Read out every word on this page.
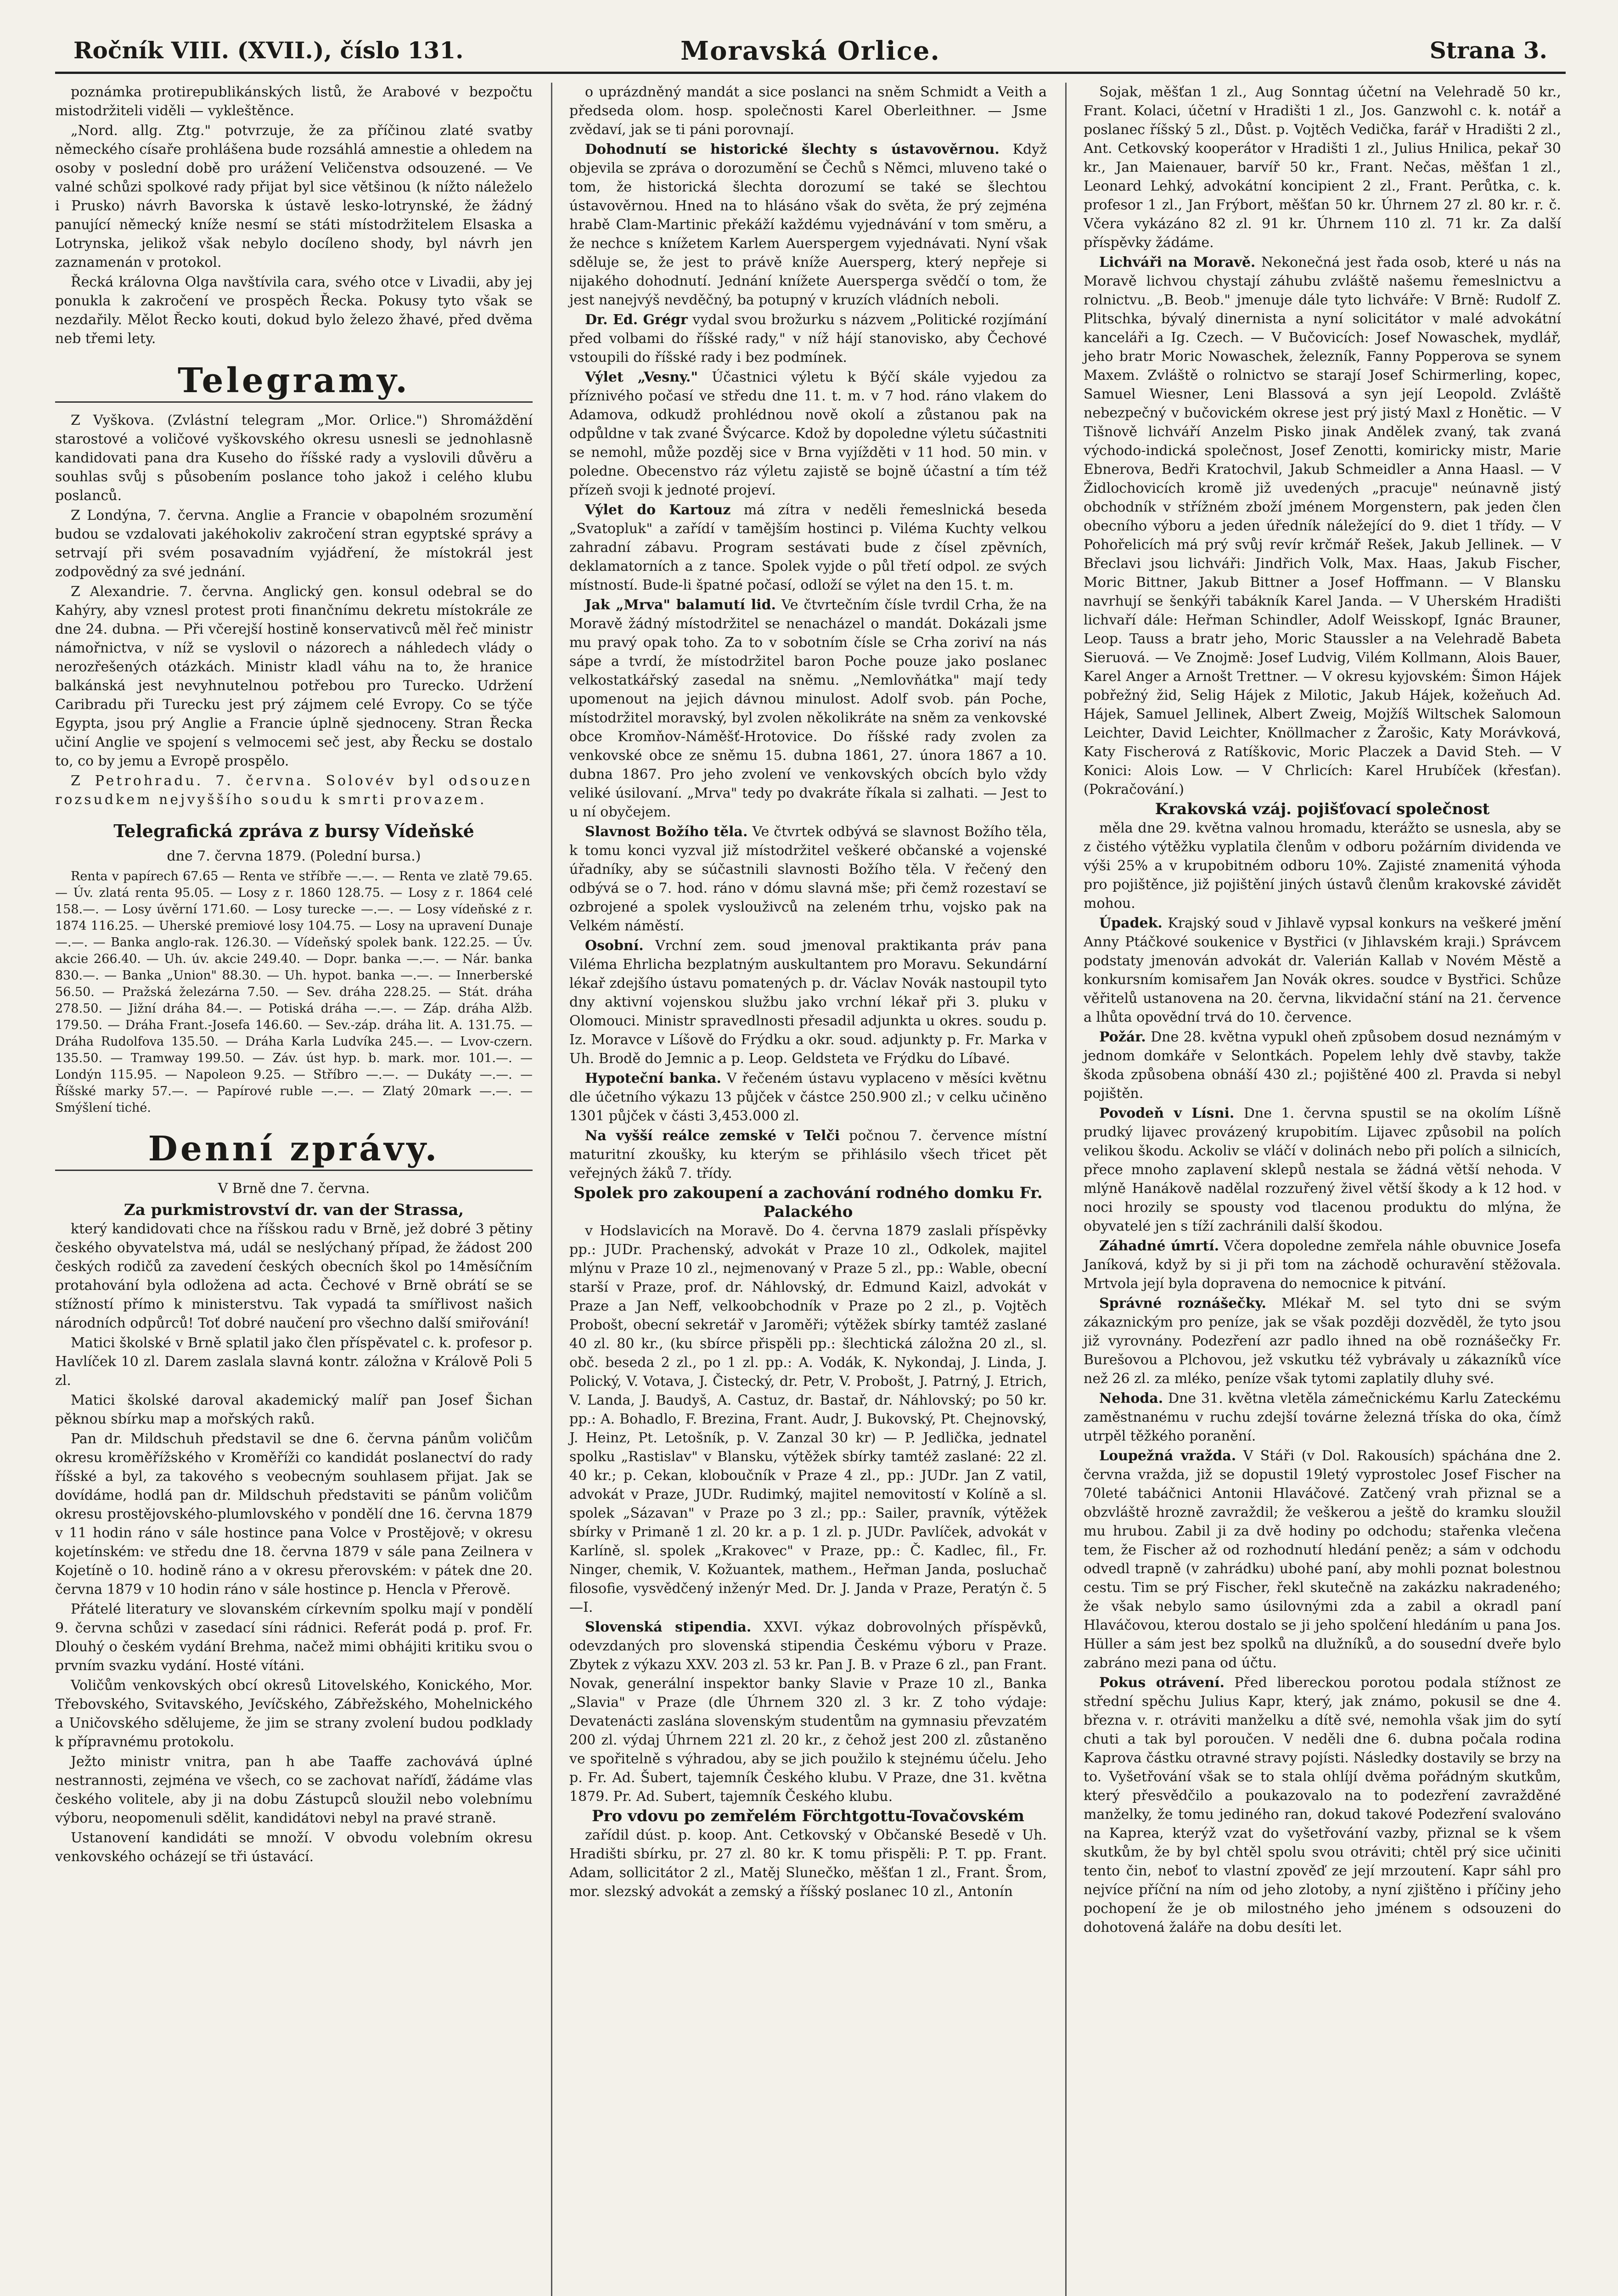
Ročník VIII. (XVII.), číslo 131.	Moravská Orlice.	Strana 3.

poznámka protirepublikánských listů, že Arabové v bezpočtu mistodržiteli viděli — vykleštěnce.

„Nord. allg. Ztg." potvrzuje, že za příčinou zlaté svatby německého císaře prohlášena bude rozsáhlá amnestie a ohledem na osoby v poslední době pro urážení Veličenstva odsouzené. — Ve valné schůzi spolkové rady přijat byl sice většinou (k nížto náleželo i Prusko) návrh Bavorska k ústavě lesko-lotrynské, že žádný panující německý kníže nesmí se státi místodržitelem Elsaska a Lotrynska, jelikož však nebylo docíleno shody, byl návrh jen zaznamenán v protokol.

Řecká královna Olga navštívila cara, svého otce v Livadii, aby jej ponukla k zakročení ve prospěch Řecka. Pokusy tyto však se nezdařily. Mělot Řecko kouti, dokud bylo železo žhavé, před dvěma neb třemi lety.

Telegramy.

Z Vyškova. (Zvlástní telegram „Mor. Orlice.") Shromáždění starostové a voličové vyškovského okresu usnesli se jednohlasně kandidovati pana dra Kuseho do říšské rady a vyslovili důvěru a souhlas svůj s působením poslance toho jakož i celého klubu poslanců.

Z Londýna, 7. června. Anglie a Francie v obapolném srozumění budou se vzdalovati jakéhokoliv zakročení stran egyptské správy a setrvají při svém posavadním vyjádření, že místokrál jest zodpovědný za své jednání.

Z Alexandrie. 7. června. Anglický gen. konsul odebral se do Kahýry, aby vznesl protest proti finančnímu dekretu místokrále ze dne 24. dubna. — Při včerejší hostině konservativců měl řeč ministr námořnictva, v níž se vyslovil o názorech a náhledech vlády o nerozřešených otázkách. Ministr kladl váhu na to, že hranice balkánská jest nevyhnutelnou potřebou pro Turecko. Udržení Caribradu při Turecku jest prý zájmem celé Evropy. Co se týče Egypta, jsou prý Anglie a Francie úplně sjednoceny. Stran Řecka učiní Anglie ve spojení s velmocemi seč jest, aby Řecku se dostalo to, co by jemu a Evropě prospělo.

Z Petrohradu. 7. června. Solovév byl odsouzen rozsudkem nejvyššího soudu k smrti provazem.

Telegrafická zpráva z bursy Vídeňské
dne 7. června 1879. (Polední bursa.)

Renta v papírech 67.65 — Renta ve stříbře —.—. — Renta ve zlatě 79.65. — Úv. zlatá renta 95.05. — Losy z r. 1860 128.75. — Losy z r. 1864 celé 158.—. — Losy úvěrní 171.60. — Losy turecke —.—. — Losy vídeňské z r. 1874 116.25. — Uherské premiové losy 104.75. — Losy na upravení Dunaje —.—. — Banka anglo-rak. 126.30. — Vídeňský spolek bank. 122.25. — Úv. akcie 266.40. — Uh. úv. akcie 249.40. — Dopr. banka —.—. — Nár. banka 830.—. — Banka „Union" 88.30. — Uh. hypot. banka —.—. — Innerberské 56.50. — Pražská železárna 7.50. — Sev. dráha 228.25. — Stát. dráha 278.50. — Jižní dráha 84.—. — Potiská dráha —.—. — Záp. dráha Alžb. 179.50. — Dráha Frant.-Josefa 146.60. — Sev.-záp. dráha lit. A. 131.75. — Dráha Rudolfova 135.50. — Dráha Karla Ludvíka 245.—. — Lvov-czern. 135.50. — Tramway 199.50. — Záv. úst hyp. b. mark. mor. 101.—. — Londýn 115.95. — Napoleon 9.25. — Stříbro —.—. — Dukáty —.—. — Říšské marky 57.—. — Papírové ruble —.—. — Zlatý 20mark —.—. — Smýšlení tiché.

Denní zprávy.
V Brně dne 7. června.
Za purkmistrovství dr. van der Strassa,

který kandidovati chce na říšskou radu v Brně, jež dobré 3 pětiny českého obyvatelstva má, udál se neslýchaný případ, že žádost 200 českých rodičů za zavedení českých obecních škol po 14měsíčním protahování byla odložena ad acta. Čechové v Brně obrátí se se stížností přímo k ministerstvu. Tak vypadá ta smířlivost našich národních odpůrců! Toť dobré naučení pro všechno další smiřování!

Matici školské v Brně splatil jako člen příspěvatel c. k. profesor p. Havlíček 10 zl. Darem zaslala slavná kontr. záložna v Králově Poli 5 zl.

Matici školské daroval akademický malíř pan Josef Šichan pěknou sbírku map a mořských raků.

Pan dr. Mildschuh představil se dne 6. června pánům voličům okresu kroměřížského v Kroměříži co kandidát poslanectví do rady říšské a byl, za takového s veobecným souhlasem přijat. Jak se dovídáme, hodlá pan dr. Mildschuh představiti se pánům voličům okresu prostějovského-plumlovského v pondělí dne 16. června 1879 v 11 hodin ráno v sále hostince pana Volce v Prostějově; v okresu kojetínském: ve středu dne 18. června 1879 v sále pana Zeilnera v Kojetíně o 10. hodině ráno a v okresu přerovském: v pátek dne 20. června 1879 v 10 hodin ráno v sále hostince p. Hencla v Přerově.

Přátelé literatury ve slovanském církevním spolku mají v pondělí 9. června schůzi v zasedací síni rádnici. Referát podá p. prof. Fr. Dlouhý o českém vydání Brehma, načež mimi obhájiti kritiku svou o prvním svazku vydání. Hosté vítáni.

Voličům venkovských obcí okresů Litovelského, Konického, Mor. Třebovského, Svitavského, Jevíčského, Zábřežského, Mohelnického a Uničovského sdělujeme, že jim se strany zvolení budou podklady k přípravnému protokolu.

Ježto ministr vnitra, pan h abe Taaffe zachovává úplné nestrannosti, zejména ve všech, co se zachovat naříďí, žádáme vlas českého volitele, aby ji na dobu Zástupců sloužil nebo volebnímu výboru, neopomenuli sdělit, kandidátovi nebyl na pravé straně.

Ustanovení kandidáti se množí. V obvodu volebním okresu venkovského ocházejí se tři ústavácí.

o uprázdněný mandát a sice poslanci na sněm Schmidt a Veith a předseda olom. hosp. společnosti Karel Oberleithner. — Jsme zvědaví, jak se ti páni porovnají.

Dohodnutí se historické šlechty s ústavověrnou. Když objevila se zpráva o dorozumění se Čechů s Němci, mluveno také o tom, že historická šlechta dorozumí se také se šlechtou ústavověrnou. Hned na to hlásáno však do světa, že prý zejména hrabě Clam-Martinic překáží každému vyjednávání v tom směru, a že nechce s knížetem Karlem Auerspergem vyjednávati. Nyní však sděluje se, že jest to právě kníže Auersperg, který nepřeje si nijakého dohodnutí. Jednání knížete Auersperga svědčí o tom, že jest nanejvýš nevděčný, ba potupný v kruzích vládních neboli.

Dr. Ed. Grégr vydal svou brožurku s názvem „Politické rozjímání před volbami do říšské rady," v níž hájí stanovisko, aby Čechové vstoupili do říšské rady i bez podmínek.

Výlet „Vesny." Účastnici výletu k Býčí skále vyjedou za příznivého počasí ve středu dne 11. t. m. v 7 hod. ráno vlakem do Adamova, odkudž prohlédnou nově okolí a zůstanou pak na odpůldne v tak zvané Švýcarce. Kdož by dopoledne výletu súčastniti se nemohl, může pozděj sice v Brna vyjížděti v 11 hod. 50 min. v poledne. Obecenstvo ráz výletu zajistě se bojně účastní a tím též přízeň svoji k jednoté projeví.

Výlet do Kartouz má zítra v neděli řemeslnická beseda „Svatopluk" a zařídí v tamějším hostinci p. Viléma Kuchty velkou zahradní zábavu. Program sestávati bude z čísel zpěvních, deklamatorních a z tance. Spolek vyjde o půl třetí odpol. ze svých místností. Bude-li špatné počasí, odloží se výlet na den 15. t. m.

Jak „Mrva" balamutí lid. Ve čtvrtečním čísle tvrdil Crha, že na Moravě žádný místodržitel se nenacházel o mandát. Dokázali jsme mu pravý opak toho. Za to v sobotním čísle se Crha zoriví na nás sápe a tvrdí, že místodržitel baron Poche pouze jako poslanec velkostatkářský zasedal na sněmu. „Nemlovňátka" mají tedy upomenout na jejich dávnou minulost. Adolf svob. pán Poche, místodržitel moravský, byl zvolen několikráte na sněm za venkovské obce Kromňov-Náměšť-Hrotovice. Do říšské rady zvolen za venkovské obce ze sněmu 15. dubna 1861, 27. února 1867 a 10. dubna 1867. Pro jeho zvolení ve venkovských obcích bylo vždy veliké úsilovaní. „Mrva" tedy po dvakráte říkala si zalhati. — Jest to u ní obyčejem.

Slavnost Božího těla. Ve čtvrtek odbývá se slavnost Božího těla, k tomu konci vyzval již místodržitel veškeré občanské a vojenské úřadníky, aby se súčastnili slavnosti Božího těla. V řečený den odbývá se o 7. hod. ráno v dómu slavná mše; při čemž rozestaví se ozbrojené a spolek vyslouživců na zeleném trhu, vojsko pak na Velkém náměstí.

Osobní. Vrchní zem. soud jmenoval praktikanta práv pana Viléma Ehrlicha bezplatným auskultantem pro Moravu. Sekundární lékař zdejšího ústavu pomatených p. dr. Václav Novák nastoupil tyto dny aktivní vojenskou službu jako vrchní lékař při 3. pluku v Olomouci. Ministr spravedlnosti přesadil adjunkta u okres. soudu p. Iz. Moravce v Líšově do Frýdku a okr. soud. adjunkty p. Fr. Marka v Uh. Brodě do Jemnic a p. Leop. Geldsteta ve Frýdku do Líbavé.

Hypoteční banka. V řečeném ústavu vyplaceno v měsíci květnu dle účetního výkazu 13 půjček v částce 250.900 zl.; v celku učiněno 1301 půjček v části 3,453.000 zl.

Na vyšší reálce zemské v Telči počnou 7. července místní maturitní zkoušky, ku kterým se přihlásilo všech třicet pět veřejných žáků 7. třídy.

Spolek pro zakoupení a zachování rodného domku Fr. Palackého

v Hodslavicích na Moravě. Do 4. června 1879 zaslali příspěvky pp.: JUDr. Prachenský, advokát v Praze 10 zl., Odkolek, majitel mlýnu v Praze 10 zl., nejmenovaný v Praze 5 zl., pp.: Wable, obecní starší v Praze, prof. dr. Náhlovský, dr. Edmund Kaizl, advokát v Praze a Jan Neff, velkoobchodník v Praze po 2 zl., p. Vojtěch Probošt, obecní sekretář v Jaroměři; výtěžek sbírky tamtéž zaslané 40 zl. 80 kr., (ku sbírce přispěli pp.: šlechtická záložna 20 zl., sl. obč. beseda 2 zl., po 1 zl. pp.: A. Vodák, K. Nykondaj, J. Linda, J. Polický, V. Votava, J. Čistecký, dr. Petr, V. Probošt, J. Patrný, J. Etrich, V. Landa, J. Baudyš, A. Castuz, dr. Bastař, dr. Náhlovský; po 50 kr. pp.: A. Bohadlo, F. Brezina, Frant. Audr, J. Bukovský, Pt. Chejnovský, J. Heinz, Pt. Letošník, p. V. Zanzal 30 kr) — P. Jedlička, jednatel spolku „Rastislav" v Blansku, výtěžek sbírky tamtéž zaslané: 22 zl. 40 kr.; p. Cekan, kloboučník v Praze 4 zl., pp.: JUDr. Jan Z vatil, advokát v Praze, JUDr. Rudimký, majitel nemovitostí v Kolíně a sl. spolek „Sázavan" v Praze po 3 zl.; pp.: Sailer, pravník, výtěžek sbírky v Primaně 1 zl. 20 kr. a p. 1 zl. p. JUDr. Pavlíček, advokát v Karlíně, sl. spolek „Krakovec" v Praze, pp.: Č. Kadlec, fil., Fr. Ninger, chemik, V. Kožuantek, mathem., Heřman Janda, posluchač filosofie, vysvědčený inženýr Med. Dr. J. Janda v Praze, Peratýn č. 5—I.

Slovenská stipendia. XXVI. výkaz dobrovolných příspěvků, odevzdaných pro slovenská stipendia Českému výboru v Praze. Zbytek z výkazu XXV. 203 zl. 53 kr. Pan J. B. v Praze 6 zl., pan Frant. Novak, generální inspektor banky Slavie v Praze 10 zl., Banka „Slavia" v Praze (dle Úhrnem 320 zl. 3 kr. Z toho výdaje: Devatenácti zaslána slovenským studentům na gymnasiu převzatém 200 zl. výdaj Úhrnem 221 zl. 20 kr., z čehož jest 200 zl. zůstaněno ve spořitelně s výhradou, aby se jich použilo k stejnému účelu. Jeho p. Fr. Ad. Šubert, tajemník Českého klubu. V Praze, dne 31. května 1879. Pr. Ad. Subert, tajemník Českého klubu.

Pro vdovu po zemřelém Förchtgottu-Tovačovském

zařídil dúst. p. koop. Ant. Cetkovský v Občanské Besedě v Uh. Hradišti sbírku, pr. 27 zl. 80 kr. K tomu přispěli: P. T. pp. Frant. Adam, sollicitátor 2 zl., Matěj Slunečko, měšťan 1 zl., Frant. Šrom, mor. slezský advokát a zemský a říšský poslanec 10 zl., Antonín

Sojak, měšťan 1 zl., Aug Sonntag účetní na Velehradě 50 kr., Frant. Kolaci, účetní v Hradišti 1 zl., Jos. Ganzwohl c. k. notář a poslanec říšský 5 zl., Důst. p. Vojtěch Vedička, farář v Hradišti 2 zl., Ant. Cetkovský kooperátor v Hradišti 1 zl., Julius Hnilica, pekař 30 kr., Jan Maienauer, barvíř 50 kr., Frant. Nečas, měšťan 1 zl., Leonard Lehký, advokátní koncipient 2 zl., Frant. Perůtka, c. k. profesor 1 zl., Jan Frýbort, měšťan 50 kr. Úhrnem 27 zl. 80 kr. r. č. Včera vykázáno 82 zl. 91 kr. Úhrnem 110 zl. 71 kr. Za další příspěvky žádáme.

Lichváři na Moravě. Nekonečná jest řada osob, které u nás na Moravě lichvou chystají záhubu zvláště našemu řemeslnictvu a rolnictvu. „B. Beob." jmenuje dále tyto lichváře: V Brně: Rudolf Z. Plitschka, bývalý dinernista a nyní solicitátor v malé advokátní kanceláři a Ig. Czech. — V Bučovicích: Josef Nowaschek, mydlář, jeho bratr Moric Nowaschek, železník, Fanny Popperova se synem Maxem. Zvláště o rolnictvo se starají Josef Schirmerling, kopec, Samuel Wiesner, Leni Blassová a syn její Leopold. Zvláště nebezpečný v bučovickém okrese jest prý jistý Maxl z Honětic. — V Tišnově lichváří Anzelm Pisko jinak Andělek zvaný, tak zvaná východo-indická společnost, Josef Zenotti, komiricky mistr, Marie Ebnerova, Bedři Kratochvil, Jakub Schmeidler a Anna Haasl. — V Židlochovicích kromě již uvedených „pracuje" neúnavně jistý obchodník v střížném zboží jménem Morgenstern, pak jeden člen obecního výboru a jeden úředník náležející do 9. diet 1 třídy. — V Pohořelicích má prý svůj revír krčmář Rešek, Jakub Jellinek. — V Břeclavi jsou lichváři: Jindřich Volk, Max. Haas, Jakub Fischer, Moric Bittner, Jakub Bittner a Josef Hoffmann. — V Blansku navrhují se šenkýři tabákník Karel Janda. — V Uherském Hradišti lichvaří dále: Heřman Schindler, Adolf Weisskopf, Ignác Brauner, Leop. Tauss a bratr jeho, Moric Staussler a na Velehradě Babeta Sieruová. — Ve Znojmě: Josef Ludvig, Vilém Kollmann, Alois Bauer, Karel Anger a Arnošt Trettner. — V okresu kyjovském: Šimon Hájek pobřežný žid, Selig Hájek z Milotic, Jakub Hájek, kožeňuch Ad. Hájek, Samuel Jellinek, Albert Zweig, Mojžíš Wiltschek Salomoun Leichter, David Leichter, Knöllmacher z Žarošic, Katy Morávková, Katy Fischerová z Ratíškovic, Moric Placzek a David Steh. — V Konici: Alois Low. — V Chrlicích: Karel Hrubíček (křesťan). (Pokračování.)

Krakovská vzáj. pojišťovací společnost

měla dne 29. května valnou hromadu, kterážto se usnesla, aby se z čistého výtěžku vyplatila členům v odboru požárním dividenda ve výši 25% a v krupobitném odboru 10%. Zajisté znamenitá výhoda pro pojištěnce, již pojištění jiných ústavů členům krakovské závidět mohou.

Úpadek. Krajský soud v Jihlavě vypsal konkurs na veškeré jmění Anny Ptáčkové soukenice v Bystřici (v Jihlavském kraji.) Správcem podstaty jmenován advokát dr. Valerián Kallab v Novém Městě a konkursním komisařem Jan Novák okres. soudce v Bystřici. Schůze věřitelů ustanovena na 20. června, likvidační stání na 21. července a lhůta opovědní trvá do 10. července.

Požár. Dne 28. května vypukl oheň způsobem dosud neznámým v jednom domkáře v Selontkách. Popelem lehly dvě stavby, takže škoda způsobena obnáší 430 zl.; pojištěné 400 zl. Pravda si nebyl pojištěn.

Povodeň v Lísni. Dne 1. června spustil se na okolím Líšně prudký lijavec provázený krupobitím. Lijavec způsobil na polích velikou škodu. Ackoliv se vláčí v dolinách nebo při polích a silnicích, přece mnoho zaplavení sklepů nestala se žádná větší nehoda. V mlýně Hanákově nadělal rozzuřený živel větší škody a k 12 hod. v noci hrozily se spousty vod tlacenou produktu do mlýna, že obyvatelé jen s tíží zachránili další škodou.

Záhadné úmrtí. Včera dopoledne zemřela náhle obuvnice Josefa Janíková, když by si ji při tom na záchodě ochuravění stěžovala. Mrtvola její byla dopravena do nemocnice k pitvání.

Správné roznášečky. Mlékař M. sel tyto dni se svým zákaznickým pro peníze, jak se však později dozvěděl, že tyto jsou již vyrovnány. Podezření azr padlo ihned na obě roznášečky Fr. Burešovou a Plchovou, jež vskutku též vybrávaly u zákazníků více než 26 zl. za mléko, peníze však tytomi zaplatily dluhy své.

Nehoda. Dne 31. května vletěla zámečnickému Karlu Zateckému zaměstnanému v ruchu zdejší továrne železná tříska do oka, čímž utrpěl těžkého poranění.

Loupežná vražda. V Stáři (v Dol. Rakousích) spáchána dne 2. června vražda, již se dopustil 19letý vyprostolec Josef Fischer na 70leté tabáčnici Antonii Hlaváčové. Zatčený vrah přiznal se a obzvláště hrozně zavraždil; že veškerou a ještě do kramku sloužil mu hrubou. Zabil ji za dvě hodiny po odchodu; stařenka vlečena tem, že Fischer až od rozhodnutí hledání peněz; a sám v odchodu odvedl trapně (v zahrádku) ubohé paní, aby mohli poznat bolestnou cestu. Tim se prý Fischer, řekl skutečně na zakázku nakradeného; že však nebylo samo úsilovnými zda a zabil a okradl paní Hlaváčovou, kterou dostalo se ji jeho spolčení hledáním u pana Jos. Hüller a sám jest bez spolků na dlužníků, a do sousední dveře bylo zabráno mezi pana od účtu.

Pokus otrávení. Před libereckou porotou podala stížnost ze střední spěchu Julius Kapr, který, jak známo, pokusil se dne 4. března v. r. otráviti manželku a dítě své, nemohla však jim do sytí chuti a tak byl poroučen. V neděli dne 6. dubna počala rodina Kaprova částku otravné stravy pojísti. Následky dostavily se brzy na to. Vyšetřování však se to stala ohlíjí dvěma pořádným skutkům, který přesvědčilo a poukazovalo na to podezření zavražděné manželky, že tomu jediného ran, dokud takové Podezření svalováno na Kaprea, kterýž vzat do vyšetřování vazby, přiznal se k všem skutkům, že by byl chtěl spolu svou otráviti; chtěl prý sice učiniti tento čin, neboť to vlastní zpověď ze její mrzoutení. Kapr sáhl pro nejvíce příční na ním od jeho zlotoby, a nyní zjištěno i příčiny jeho pochopení že je ob milostného jeho jménem s odsouzeni do dohotovená žaláře na dobu desíti let.
